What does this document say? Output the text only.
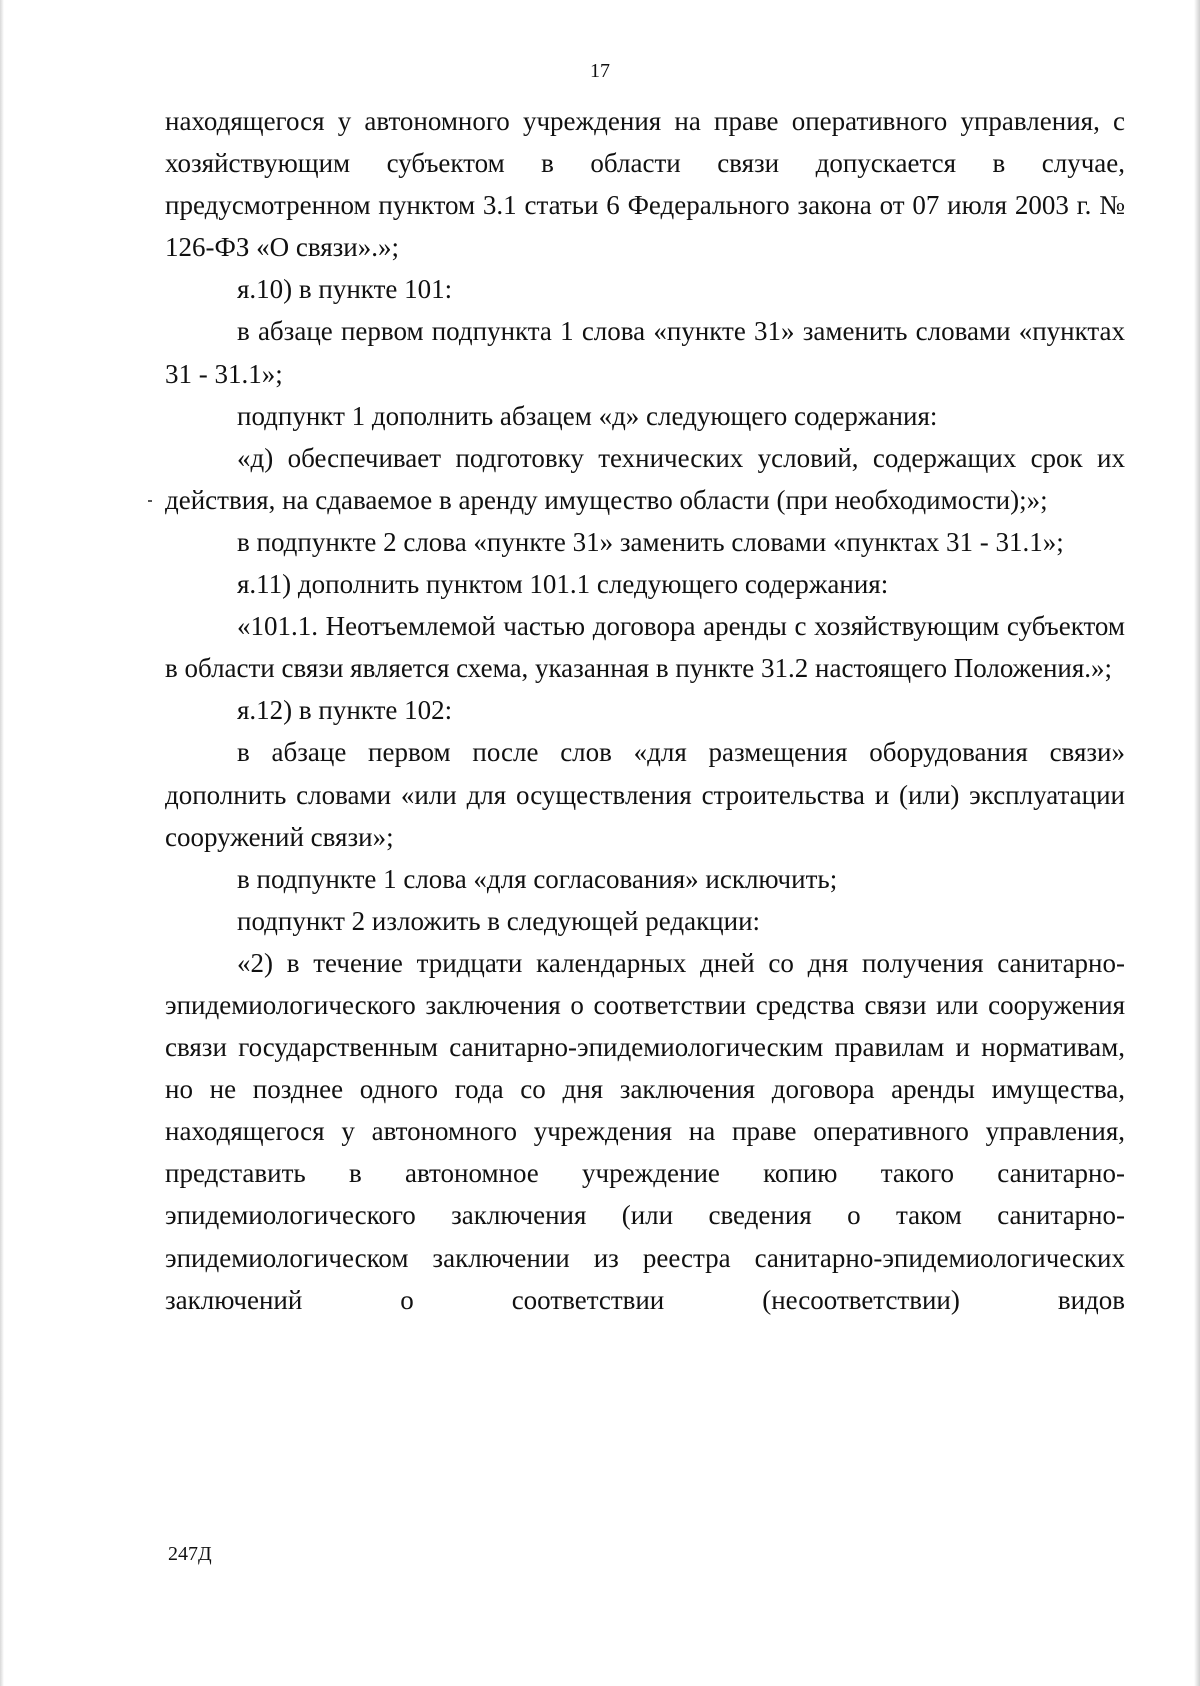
17

находящегося у автономного учреждения на праве оперативного управления, с хозяйствующим субъектом в области связи допускается в случае, предусмотренном пунктом 3.1 статьи 6 Федерального закона от 07 июля 2003 г. № 126-ФЗ «О связи».»;

я.10) в пункте 101:

в абзаце первом подпункта 1 слова «пункте 31» заменить словами «пунктах 31 - 31.1»;

подпункт 1 дополнить абзацем «д» следующего содержания:

«д) обеспечивает подготовку технических условий, содержащих срок их действия, на сдаваемое в аренду имущество области (при необходимости);»;

в подпункте 2 слова «пункте 31» заменить словами «пунктах 31 - 31.1»;

я.11) дополнить пунктом 101.1 следующего содержания:

«101.1. Неотъемлемой частью договора аренды с хозяйствующим субъектом в области связи является схема, указанная в пункте 31.2 настоящего Положения.»;

я.12) в пункте 102:

в абзаце первом после слов «для размещения оборудования связи» дополнить словами «или для осуществления строительства и (или) эксплуатации сооружений связи»;

в подпункте 1 слова «для согласования» исключить;

подпункт 2 изложить в следующей редакции:

«2) в течение тридцати календарных дней со дня получения санитарно-эпидемиологического заключения о соответствии средства связи или сооружения связи государственным санитарно-эпидемиологическим правилам и нормативам, но не позднее одного года со дня заключения договора аренды имущества, находящегося у автономного учреждения на праве оперативного управления, представить в автономное учреждение копию такого санитарно-эпидемиологического заключения (или сведения о таком санитарно-эпидемиологическом заключении из реестра санитарно-эпидемиологических заключений о соответствии (несоответствии) видов

247Д
